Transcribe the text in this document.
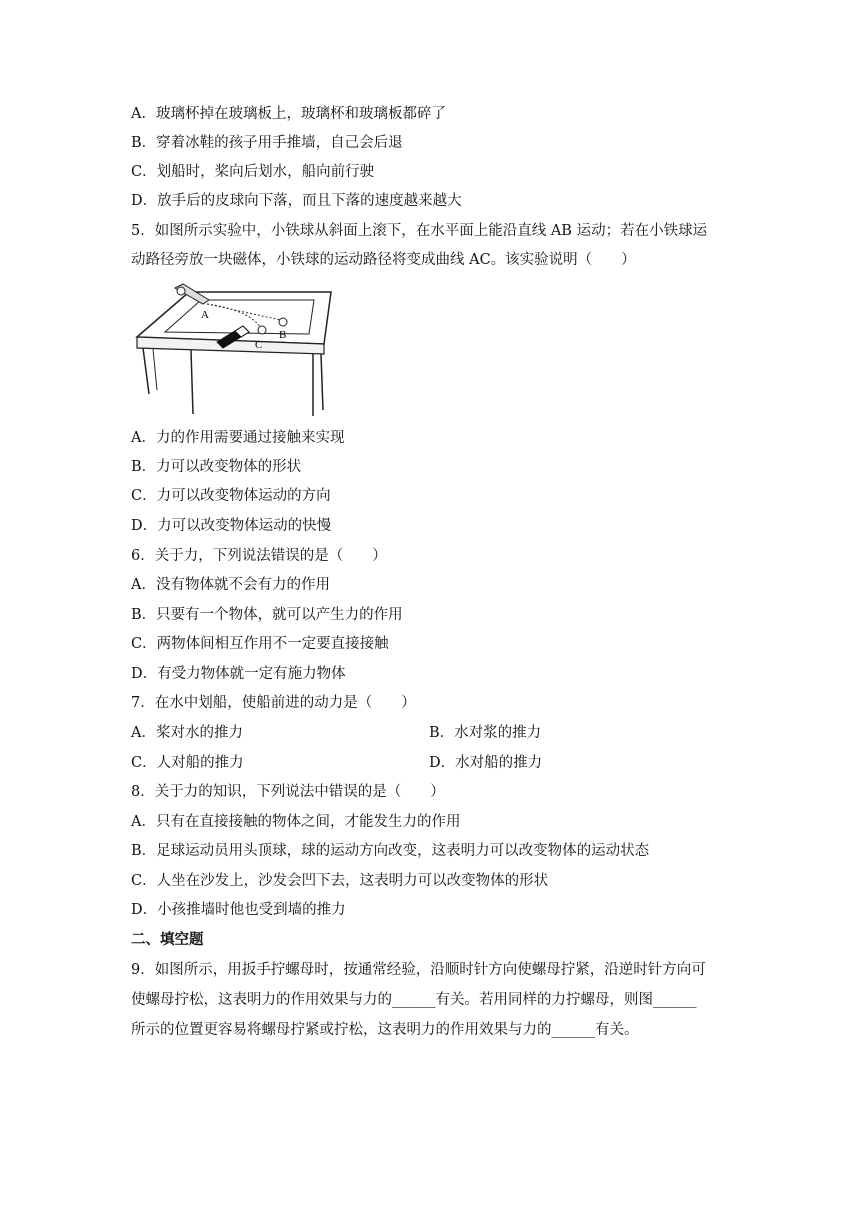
A．玻璃杯掉在玻璃板上，玻璃杯和玻璃板都碎了
B．穿着冰鞋的孩子用手推墙，自己会后退
C．划船时，桨向后划水，船向前行驶
D．放手后的皮球向下落，而且下落的速度越来越大
5．如图所示实验中，小铁球从斜面上滚下，在水平面上能沿直线 AB 运动；若在小铁球运
动路径旁放一块磁体，小铁球的运动路径将变成曲线 AC。该实验说明（　　）
A
B
C
A．力的作用需要通过接触来实现
B．力可以改变物体的形状
C．力可以改变物体运动的方向
D．力可以改变物体运动的快慢
6．关于力，下列说法错误的是（　　）
A．没有物体就不会有力的作用
B．只要有一个物体，就可以产生力的作用
C．两物体间相互作用不一定要直接接触
D．有受力物体就一定有施力物体
7．在水中划船，使船前进的动力是（　　）
A．桨对水的推力	B．水对浆的推力
C．人对船的推力	D．水对船的推力
8．关于力的知识，下列说法中错误的是（　　）
A．只有在直接接触的物体之间，才能发生力的作用
B．足球运动员用头顶球，球的运动方向改变，这表明力可以改变物体的运动状态
C．人坐在沙发上，沙发会凹下去，这表明力可以改变物体的形状
D．小孩推墙时他也受到墙的推力
二、填空题
9．如图所示，用扳手拧螺母时，按通常经验，沿顺时针方向使螺母拧紧，沿逆时针方向可
使螺母拧松，这表明力的作用效果与力的______有关。若用同样的力拧螺母，则图______
所示的位置更容易将螺母拧紧或拧松，这表明力的作用效果与力的______有关。
